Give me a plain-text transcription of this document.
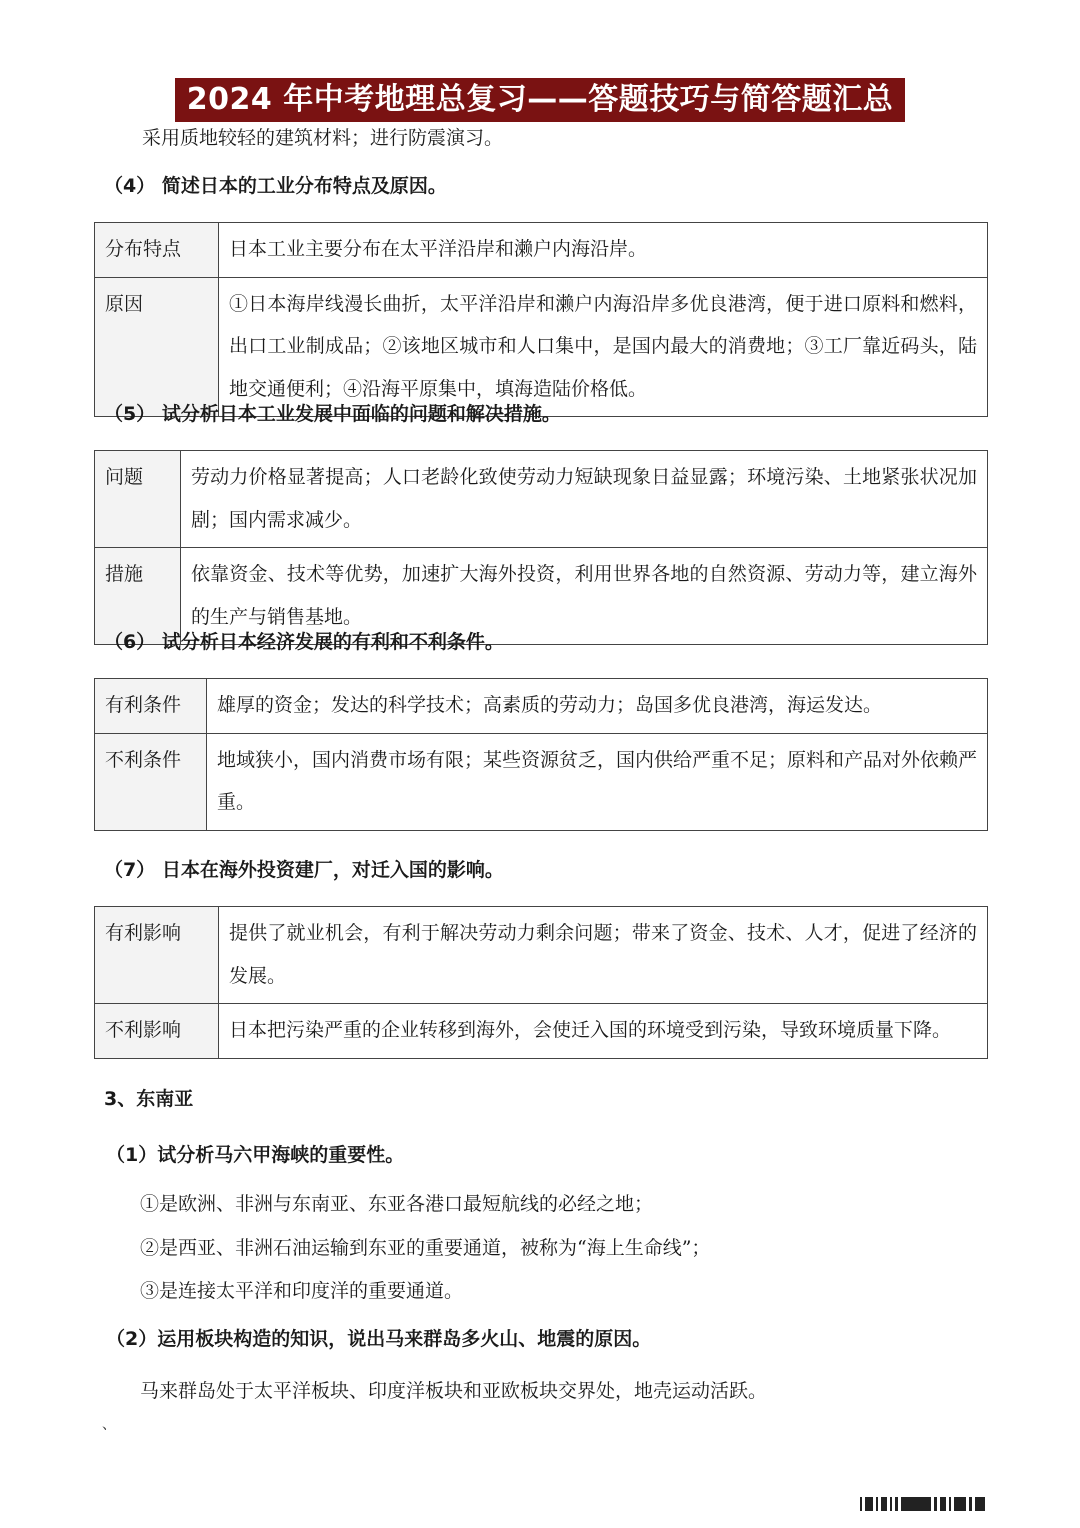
2024 年中考地理总复习——答题技巧与简答题汇总
采用质地较轻的建筑材料；进行防震演习。
（4） 简述日本的工业分布特点及原因。
分布特点	日本工业主要分布在太平洋沿岸和濑户内海沿岸。
原因	①日本海岸线漫长曲折，太平洋沿岸和濑户内海沿岸多优良港湾，便于进口原料和燃料，出口工业制成品；②该地区城市和人口集中，是国内最大的消费地；③工厂靠近码头，陆地交通便利；④沿海平原集中，填海造陆价格低。
（5） 试分析日本工业发展中面临的问题和解决措施。
问题	劳动力价格显著提高；人口老龄化致使劳动力短缺现象日益显露；环境污染、土地紧张状况加剧；国内需求减少。
措施	依靠资金、技术等优势，加速扩大海外投资，利用世界各地的自然资源、劳动力等，建立海外的生产与销售基地。
（6） 试分析日本经济发展的有利和不利条件。
有利条件	雄厚的资金；发达的科学技术；高素质的劳动力；岛国多优良港湾，海运发达。
不利条件	地域狭小，国内消费市场有限；某些资源贫乏，国内供给严重不足；原料和产品对外依赖严重。
（7） 日本在海外投资建厂，对迁入国的影响。
有利影响	提供了就业机会，有利于解决劳动力剩余问题；带来了资金、技术、人才，促进了经济的发展。
不利影响	日本把污染严重的企业转移到海外，会使迁入国的环境受到污染，导致环境质量下降。
3、东南亚
（1）试分析马六甲海峡的重要性。
①是欧洲、非洲与东南亚、东亚各港口最短航线的必经之地；
②是西亚、非洲石油运输到东亚的重要通道，被称为“海上生命线”；
③是连接太平洋和印度洋的重要通道。
（2）运用板块构造的知识，说出马来群岛多火山、地震的原因。
马来群岛处于太平洋板块、印度洋板块和亚欧板块交界处，地壳运动活跃。
、
